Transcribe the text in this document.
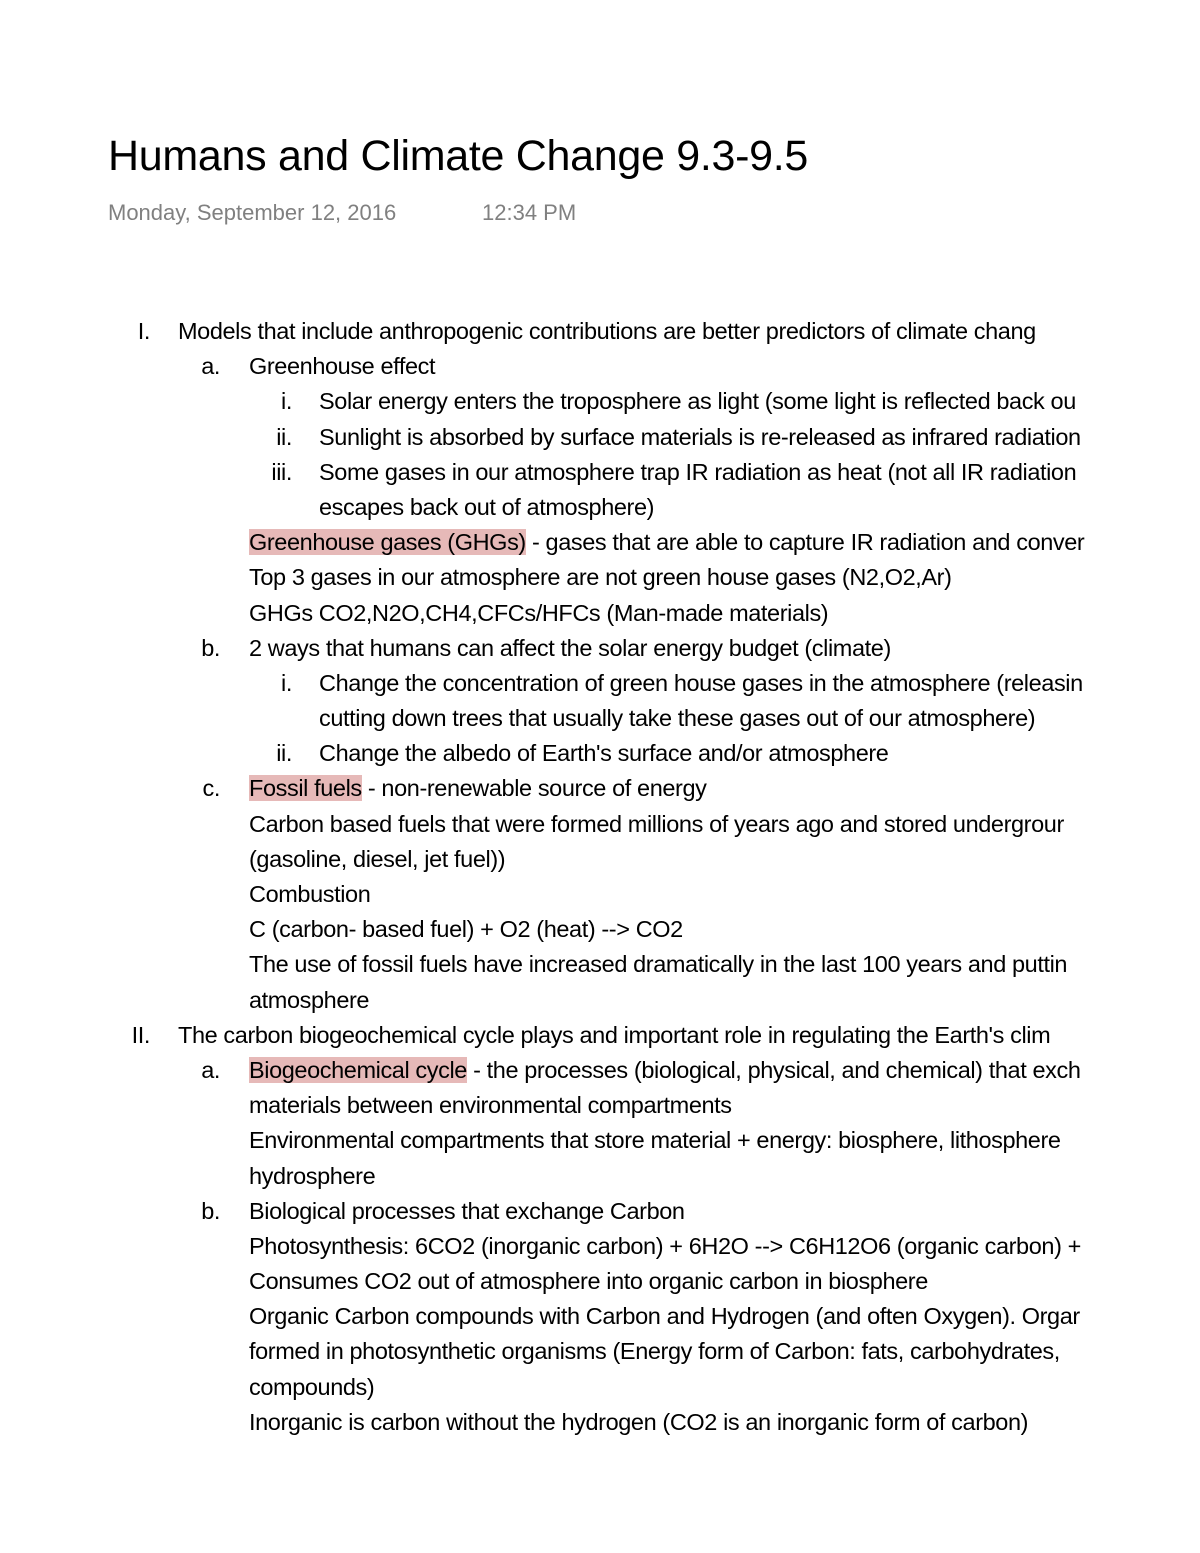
Humans and Climate Change 9.3-9.5
Monday, September 12, 2016	12:34 PM
I. Models that include anthropogenic contributions are better predictors of climate chang
a. Greenhouse effect
i. Solar energy enters the troposphere as light (some light is reflected back ou
ii. Sunlight is absorbed by surface materials is re-released as infrared radiation
iii. Some gases in our atmosphere trap IR radiation as heat (not all IR radiation
escapes back out of atmosphere)
Greenhouse gases (GHGs) - gases that are able to capture IR radiation and conver
Top 3 gases in our atmosphere are not green house gases (N2,O2,Ar)
GHGs CO2,N2O,CH4,CFCs/HFCs (Man-made materials)
b. 2 ways that humans can affect the solar energy budget (climate)
i. Change the concentration of green house gases in the atmosphere (releasin
cutting down trees that usually take these gases out of our atmosphere)
ii. Change the albedo of Earth's surface and/or atmosphere
c. Fossil fuels - non-renewable source of energy
Carbon based fuels that were formed millions of years ago and stored undergrour
(gasoline, diesel, jet fuel))
Combustion
C (carbon- based fuel) + O2 (heat) --> CO2
The use of fossil fuels have increased dramatically in the last 100 years and puttin
atmosphere
II. The carbon biogeochemical cycle plays and important role in regulating the Earth's clim
a. Biogeochemical cycle - the processes (biological, physical, and chemical) that exch
materials between environmental compartments
Environmental compartments that store material + energy: biosphere, lithosphere
hydrosphere
b. Biological processes that exchange Carbon
Photosynthesis: 6CO2 (inorganic carbon) + 6H2O --> C6H12O6 (organic carbon) +
Consumes CO2 out of atmosphere into organic carbon in biosphere
Organic Carbon compounds with Carbon and Hydrogen (and often Oxygen). Orgar
formed in photosynthetic organisms (Energy form of Carbon: fats, carbohydrates,
compounds)
Inorganic is carbon without the hydrogen (CO2 is an inorganic form of carbon)
